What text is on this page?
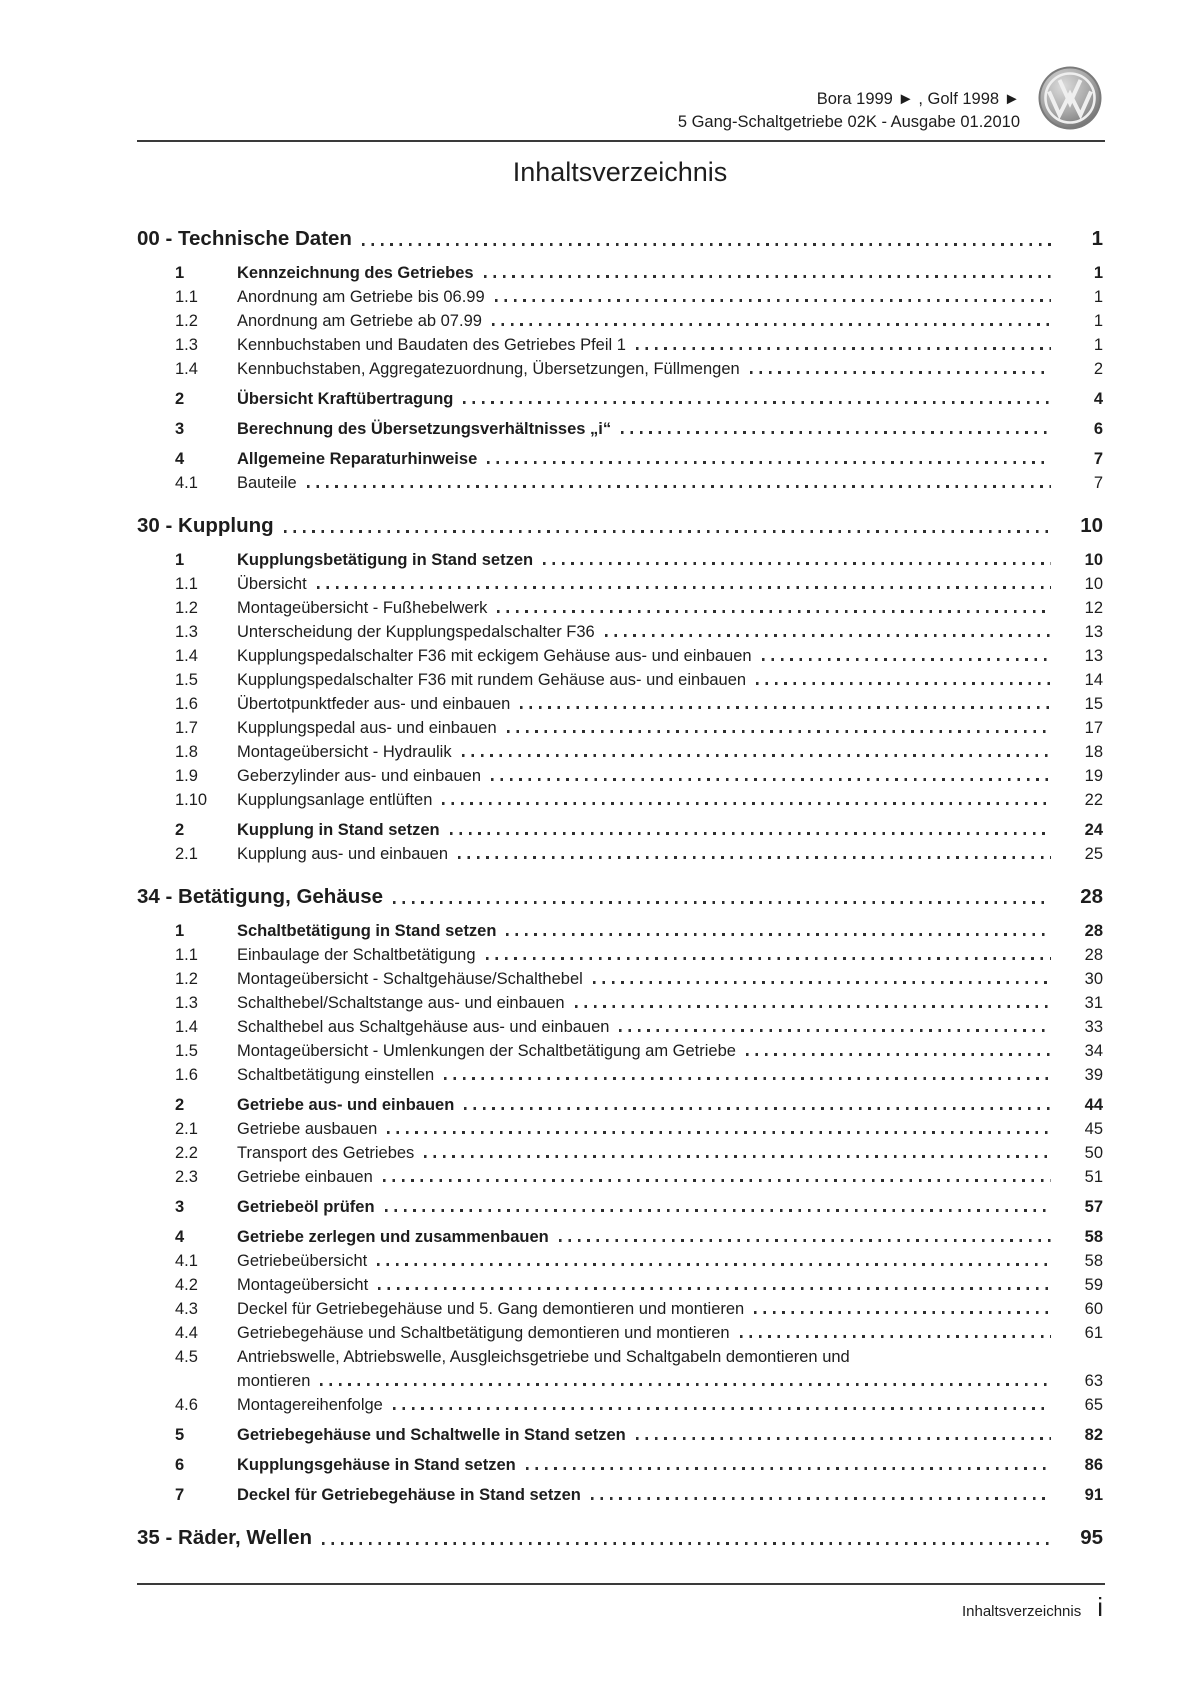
Bora 1999 ► , Golf 1998 ►
5 Gang-Schaltgetriebe 02K - Ausgabe 01.2010
Inhaltsverzeichnis
00 - Technische Daten	1
1	Kennzeichnung des Getriebes	1
1.1	Anordnung am Getriebe bis 06.99	1
1.2	Anordnung am Getriebe ab 07.99	1
1.3	Kennbuchstaben und Baudaten des Getriebes Pfeil 1	1
1.4	Kennbuchstaben, Aggregatezuordnung, Übersetzungen, Füllmengen	2
2	Übersicht Kraftübertragung	4
3	Berechnung des Übersetzungsverhältnisses „i“	6
4	Allgemeine Reparaturhinweise	7
4.1	Bauteile	7
30 - Kupplung	10
1	Kupplungsbetätigung in Stand setzen	10
1.1	Übersicht	10
1.2	Montageübersicht - Fußhebelwerk	12
1.3	Unterscheidung der Kupplungspedalschalter F36	13
1.4	Kupplungspedalschalter F36 mit eckigem Gehäuse aus- und einbauen	13
1.5	Kupplungspedalschalter F36 mit rundem Gehäuse aus- und einbauen	14
1.6	Übertotpunktfeder aus- und einbauen	15
1.7	Kupplungspedal aus- und einbauen	17
1.8	Montageübersicht - Hydraulik	18
1.9	Geberzylinder aus- und einbauen	19
1.10	Kupplungsanlage entlüften	22
2	Kupplung in Stand setzen	24
2.1	Kupplung aus- und einbauen	25
34 - Betätigung, Gehäuse	28
1	Schaltbetätigung in Stand setzen	28
1.1	Einbaulage der Schaltbetätigung	28
1.2	Montageübersicht - Schaltgehäuse/Schalthebel	30
1.3	Schalthebel/Schaltstange aus- und einbauen	31
1.4	Schalthebel aus Schaltgehäuse aus- und einbauen	33
1.5	Montageübersicht - Umlenkungen der Schaltbetätigung am Getriebe	34
1.6	Schaltbetätigung einstellen	39
2	Getriebe aus- und einbauen	44
2.1	Getriebe ausbauen	45
2.2	Transport des Getriebes	50
2.3	Getriebe einbauen	51
3	Getriebeöl prüfen	57
4	Getriebe zerlegen und zusammenbauen	58
4.1	Getriebeübersicht	58
4.2	Montageübersicht	59
4.3	Deckel für Getriebegehäuse und 5. Gang demontieren und montieren	60
4.4	Getriebegehäuse und Schaltbetätigung demontieren und montieren	61
4.5	Antriebswelle, Abtriebswelle, Ausgleichsgetriebe und Schaltgabeln demontieren und
montieren	63
4.6	Montagereihenfolge	65
5	Getriebegehäuse und Schaltwelle in Stand setzen	82
6	Kupplungsgehäuse in Stand setzen	86
7	Deckel für Getriebegehäuse in Stand setzen	91
35 - Räder, Wellen	95
Inhaltsverzeichnis i
